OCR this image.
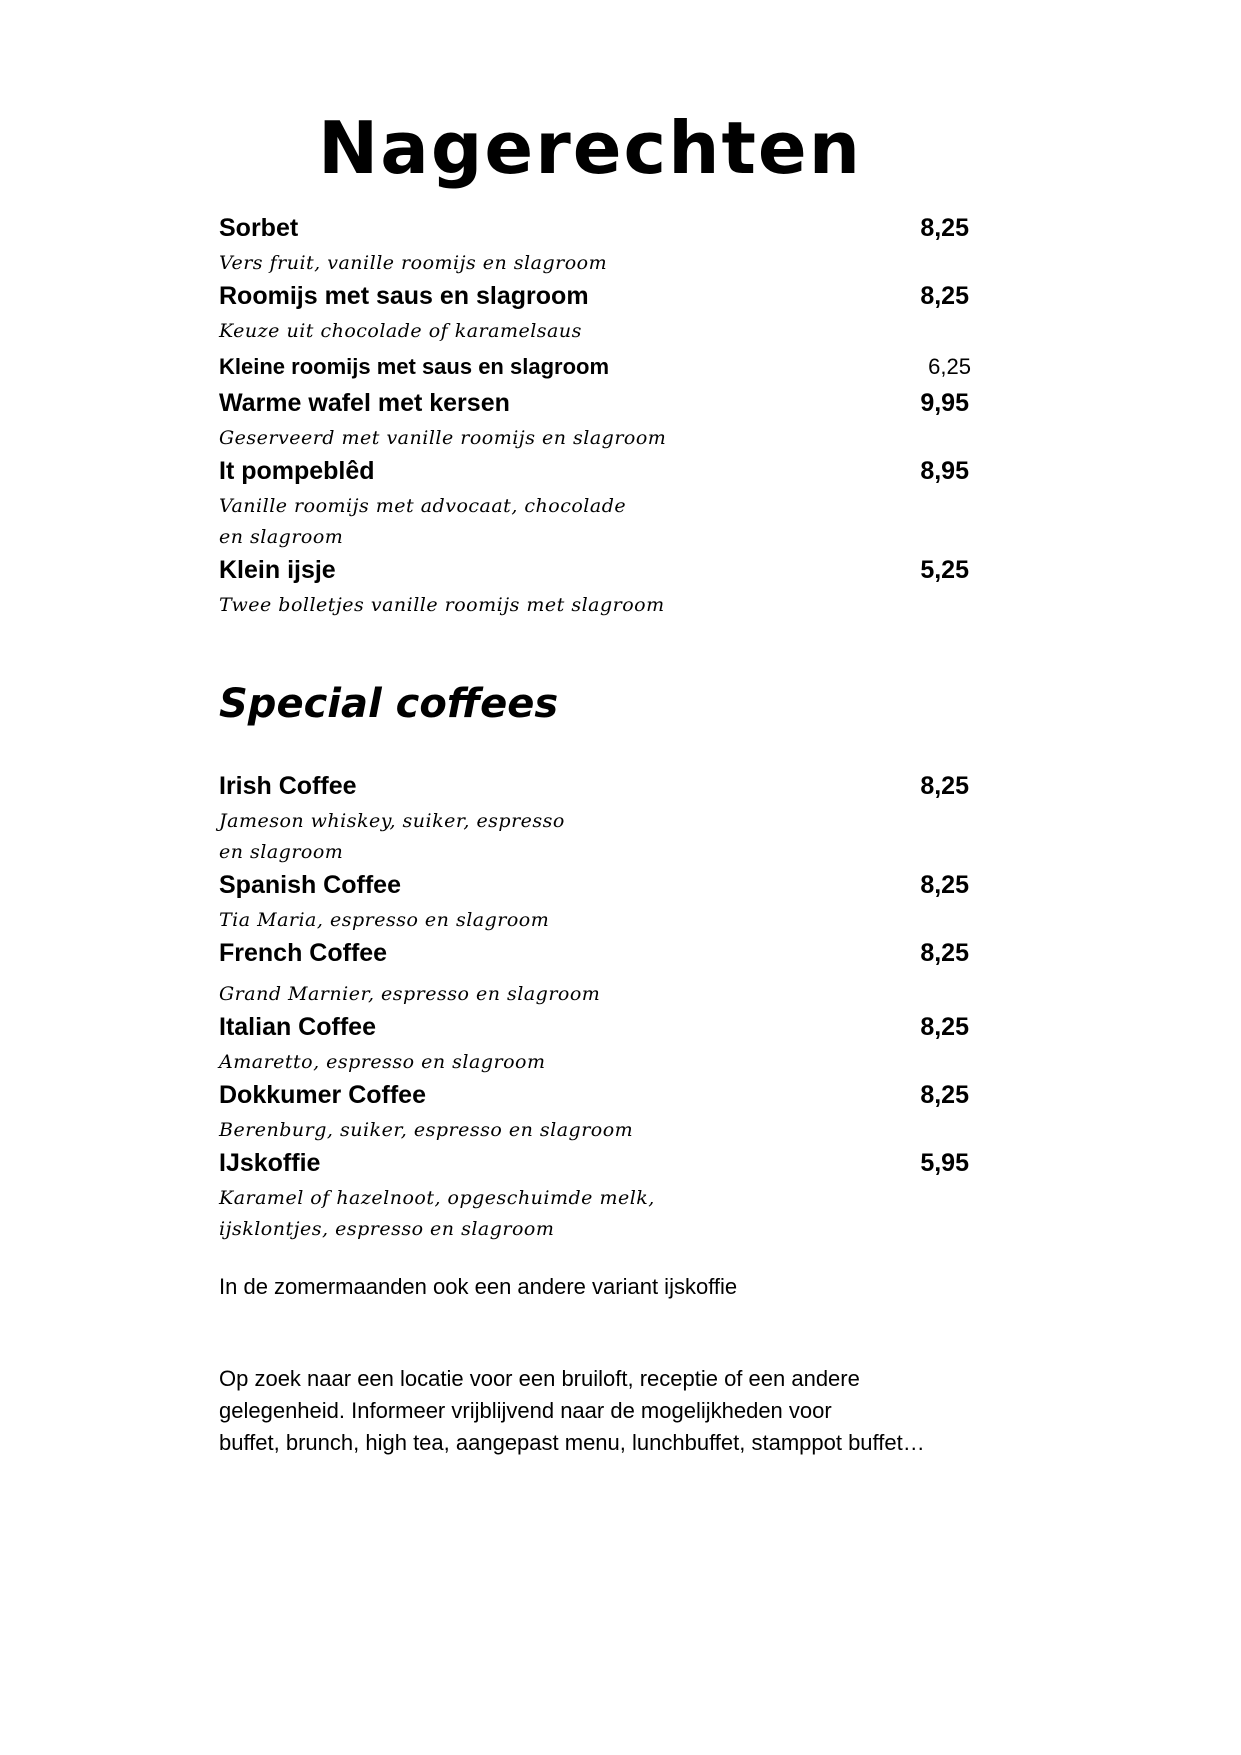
Nagerechten
Sorbet	8,25
Vers fruit, vanille roomijs en slagroom
Roomijs met saus en slagroom	8,25
Keuze uit chocolade of karamelsaus
Kleine roomijs met saus en slagroom	6,25
Warme wafel met kersen	9,95
Geserveerd met vanille roomijs en slagroom
It pompeblêd	8,95
Vanille roomijs met advocaat, chocolade
en slagroom
Klein ijsje	5,25
Twee bolletjes vanille roomijs met slagroom
Special coffees
Irish Coffee	8,25
Jameson whiskey, suiker, espresso
en slagroom
Spanish Coffee	8,25
Tia Maria, espresso en slagroom
French Coffee	8,25
Grand Marnier, espresso en slagroom
Italian Coffee	8,25
Amaretto, espresso en slagroom
Dokkumer Coffee	8,25
Berenburg, suiker, espresso en slagroom
IJskoffie	5,95
Karamel of hazelnoot, opgeschuimde melk,
ijsklontjes, espresso en slagroom
In de zomermaanden ook een andere variant ijskoffie
Op zoek naar een locatie voor een bruiloft, receptie of een andere
gelegenheid. Informeer vrijblijvend naar de mogelijkheden voor
buffet, brunch, high tea, aangepast menu, lunchbuffet, stamppot buffet…
